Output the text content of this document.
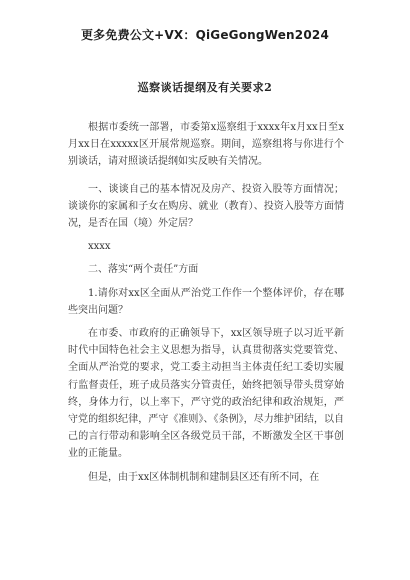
更多免费公文+VX：QiGeGongWen2024
巡察谈话提纲及有关要求2

根据市委统一部署，市委第x巡察组于xxxx年x月xx日至x月xx日在xxxxx区开展常规巡察。期间，巡察组将与你进行个别谈话，请对照谈话提纲如实反映有关情况。

一、谈谈自己的基本情况及房产、投资入股等方面情况；谈谈你的家属和子女在购房、就业（教育）、投资入股等方面情况，是否在国（境）外定居？

xxxx

二、落实“两个责任”方面

1.请你对xx区全面从严治党工作作一个整体评价，存在哪些突出问题？

在市委、市政府的正确领导下，xx区领导班子以习近平新时代中国特色社会主义思想为指导，认真贯彻落实党要管党、全面从严治党的要求，党工委主动担当主体责任纪工委切实履行监督责任，班子成员落实分管责任，始终把领导带头贯穿始终，身体力行，以上率下，严守党的政治纪律和政治规矩，严守党的组织纪律，严守《准则》、《条例》，尽力维护团结，以自己的言行带动和影响全区各级党员干部，不断激发全区干事创业的正能量。

但是，由于xx区体制机制和建制县区还有所不同，在
